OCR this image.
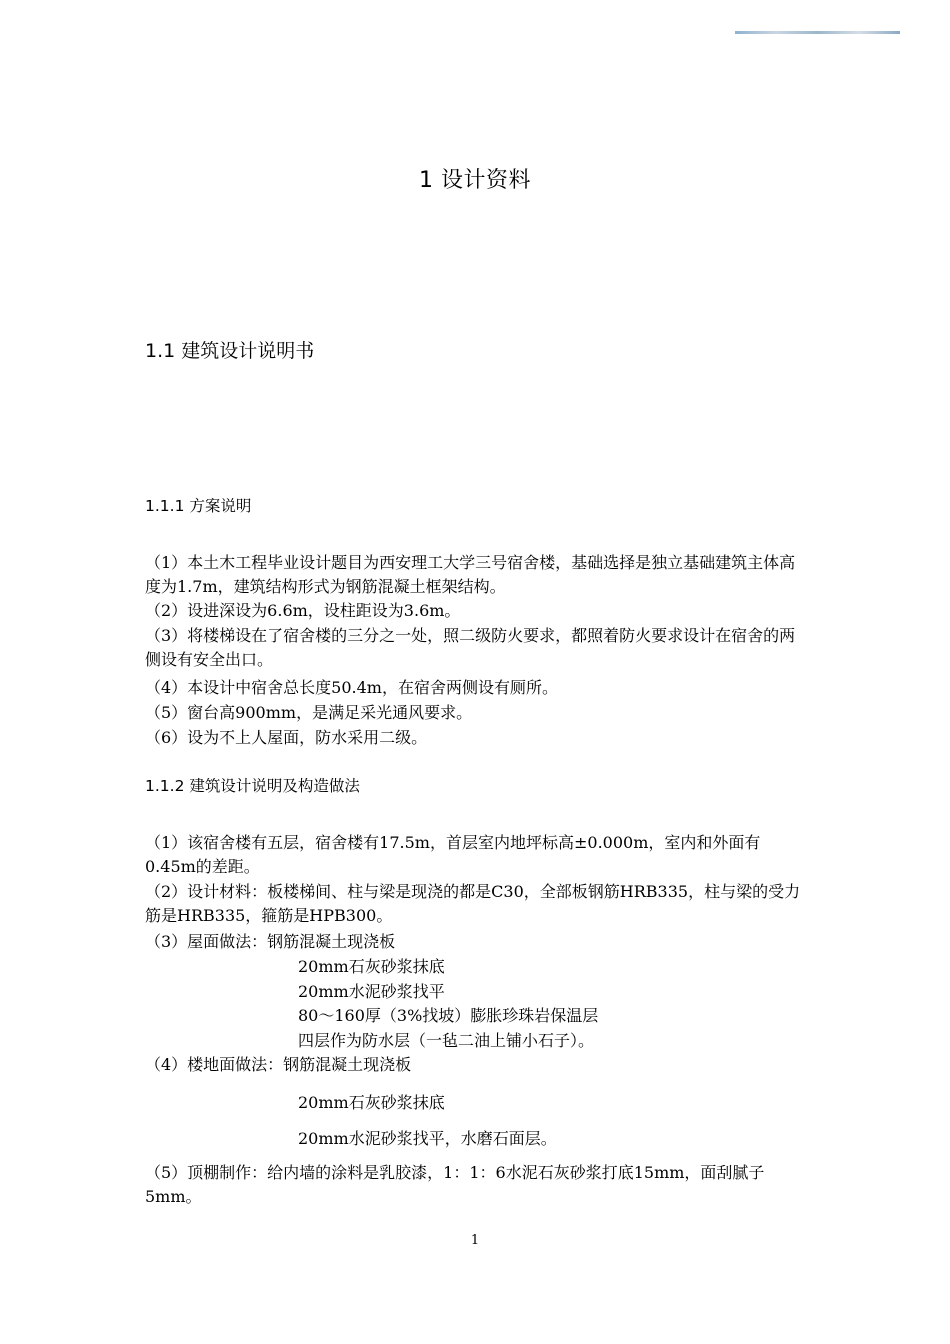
1 设计资料
1.1 建筑设计说明书
1.1.1 方案说明

（1）本土木工程毕业设计题目为西安理工大学三号宿舍楼，基础选择是独立基础建筑主体高度为1.7m，建筑结构形式为钢筋混凝土框架结构。

（2）设进深设为6.6m，设柱距设为3.6m。

（3）将楼梯设在了宿舍楼的三分之一处，照二级防火要求，都照着防火要求设计在宿舍的两侧设有安全出口。

（4）本设计中宿舍总长度50.4m，在宿舍两侧设有厕所。

（5）窗台高900mm，是满足采光通风要求。

（6）设为不上人屋面，防水采用二级。

1.1.2 建筑设计说明及构造做法

（1）该宿舍楼有五层，宿舍楼有17.5m，首层室内地坪标高±0.000m，室内和外面有0.45m的差距。

（2）设计材料：板楼梯间、柱与梁是现浇的都是C30，全部板钢筋HRB335，柱与梁的受力筋是HRB335，箍筋是HPB300。

（3）屋面做法：钢筋混凝土现浇板
20mm石灰砂浆抹底
20mm水泥砂浆找平
80～160厚（3%找坡）膨胀珍珠岩保温层
四层作为防水层（一毡二油上铺小石子）。
（4）楼地面做法：钢筋混凝土现浇板
20mm石灰砂浆抹底
20mm水泥砂浆找平，水磨石面层。

（5）顶棚制作：给内墙的涂料是乳胶漆，1：1：6水泥石灰砂浆打底15mm，面刮腻子5mm。

1
